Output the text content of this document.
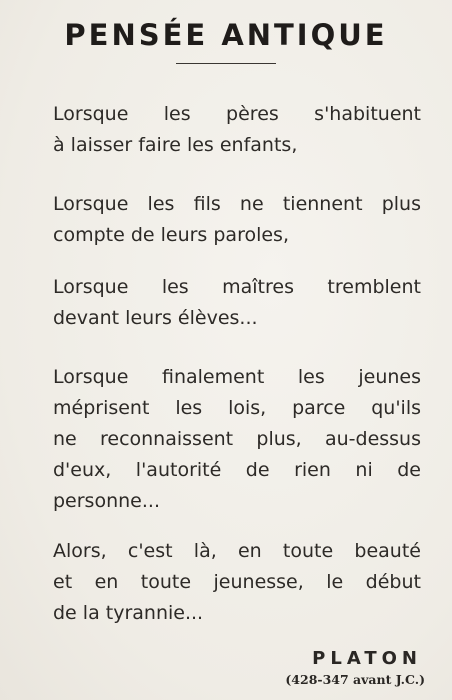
PENSÉE ANTIQUE
Lorsque les pères s'habituent
à laisser faire les enfants,
Lorsque les fils ne tiennent plus
compte de leurs paroles,
Lorsque les maîtres tremblent
devant leurs élèves...
Lorsque finalement les jeunes
méprisent les lois, parce qu'ils
ne reconnaissent plus, au-dessus
d'eux, l'autorité de rien ni de
personne...
Alors, c'est là, en toute beauté
et en toute jeunesse, le début
de la tyrannie...
PLATON
(428-347 avant J.C.)
